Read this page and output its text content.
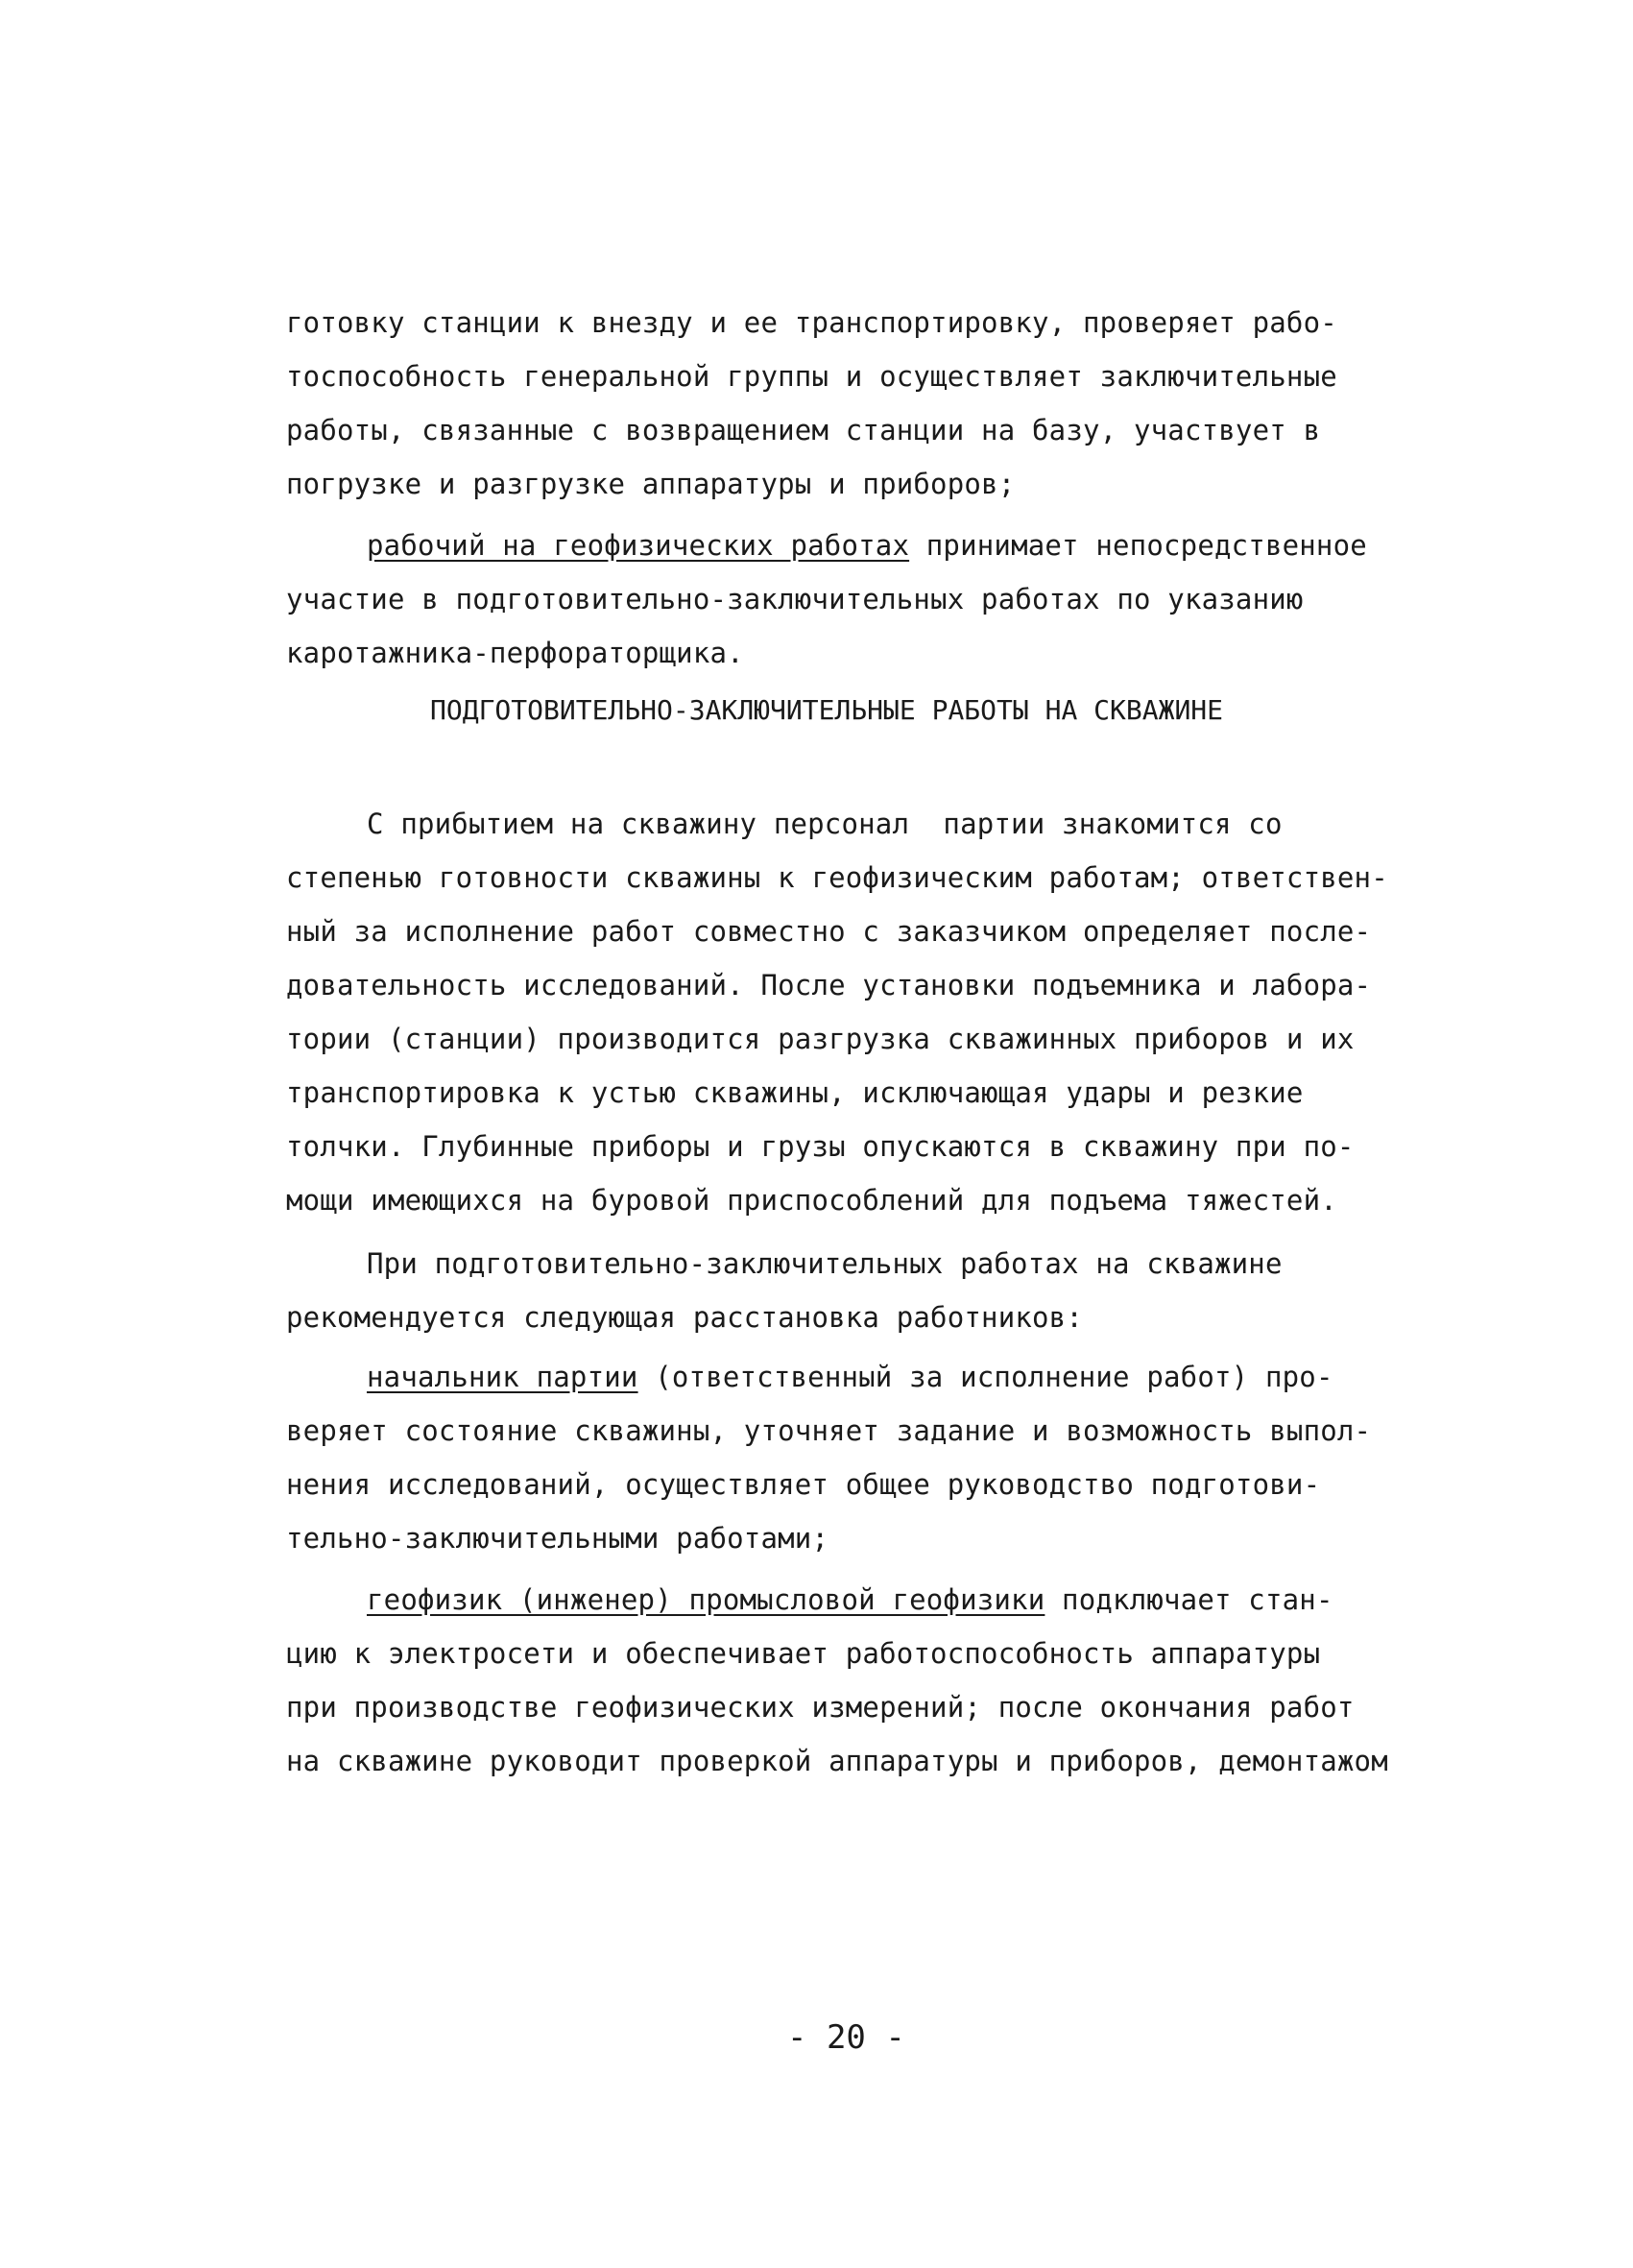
готовку станции к внезду и ее транспортировку, проверяет рабо-
тоспособность генеральной группы и осуществляет заключительные
работы, связанные с возвращением станции на базу, участвует в
погрузке и разгрузке аппаратуры и приборов;
рабочий на геофизических работах принимает непосредственное
участие в подготовительно-заключительных работах по указанию
каротажника-перфораторщика.
ПОДГОТОВИТЕЛЬНО-ЗАКЛЮЧИТЕЛЬНЫЕ РАБОТЫ НА СКВАЖИНЕ
С прибытием на скважину персонал  партии знакомится со
степенью готовности скважины к геофизическим работам; ответствен-
ный за исполнение работ совместно с заказчиком определяет после-
довательность исследований. После установки подъемника и лабора-
тории (станции) производится разгрузка скважинных приборов и их
транспортировка к устью скважины, исключающая удары и резкие
толчки. Глубинные приборы и грузы опускаются в скважину при по-
мощи имеющихся на буровой приспособлений для подъема тяжестей.
При подготовительно-заключительных работах на скважине
рекомендуется следующая расстановка работников:
начальник партии (ответственный за исполнение работ) про-
веряет состояние скважины, уточняет задание и возможность выпол-
нения исследований, осуществляет общее руководство подготови-
тельно-заключительными работами;
геофизик (инженер) промысловой геофизики подключает стан-
цию к электросети и обеспечивает работоспособность аппаратуры
при производстве геофизических измерений; после окончания работ
на скважине руководит проверкой аппаратуры и приборов, демонтажом
- 20 -
